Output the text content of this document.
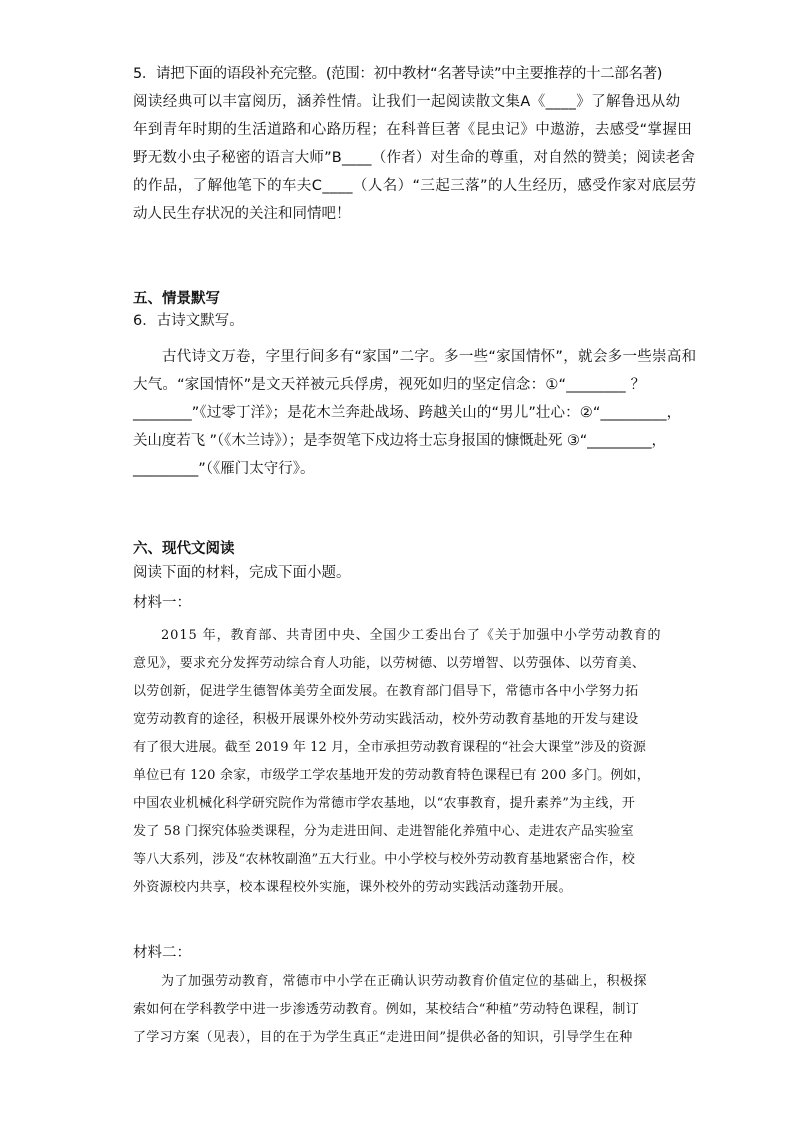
5．请把下面的语段补充完整。(范围：初中教材“名著导读”中主要推荐的十二部名著)
阅读经典可以丰富阅历，涵养性情。让我们一起阅读散文集A《____》了解鲁迅从幼
年到青年时期的生活道路和心路历程；在科普巨著《昆虫记》中遨游，去感受“掌握田
野无数小虫子秘密的语言大师”B____（作者）对生命的尊重，对自然的赞美；阅读老舍
的作品，了解他笔下的车夫C____（人名）“三起三落”的人生经历，感受作家对底层劳
动人民生存状况的关注和同情吧！
五、情景默写
6．古诗文默写。
古代诗文万卷，字里行间多有“家国”二字。多一些“家国情怀”，就会多一些崇高和
大气。“家国情怀”是文天祥被元兵俘虏，视死如归的坚定信念：①“________ ？
________”《过零丁洋》；是花木兰奔赴战场、跨越关山的“男儿”壮心：②“_________，
关山度若飞 ”（《木兰诗》）；是李贺笔下戍边将士忘身报国的慷慨赴死 ③“_________，
_________”（《雁门太守行》。
六、现代文阅读
阅读下面的材料，完成下面小题。
材料一：
2015 年，教育部、共青团中央、全国少工委出台了《关于加强中小学劳动教育的
意见》，要求充分发挥劳动综合育人功能，以劳树德、以劳增智、以劳强体、以劳育美、
以劳创新，促进学生德智体美劳全面发展。在教育部门倡导下，常德市各中小学努力拓
宽劳动教育的途径，积极开展课外校外劳动实践活动，校外劳动教育基地的开发与建设
有了很大进展。截至 2019 年 12 月，全市承担劳动教育课程的“社会大课堂”涉及的资源
单位已有 120 余家，市级学工学农基地开发的劳动教育特色课程已有 200 多门。例如，
中国农业机械化科学研究院作为常德市学农基地，以“农事教育，提升素养”为主线，开
发了 58 门探究体验类课程，分为走进田间、走进智能化养殖中心、走进农产品实验室
等八大系列，涉及“农林牧副渔”五大行业。中小学校与校外劳动教育基地紧密合作，校
外资源校内共享，校本课程校外实施，课外校外的劳动实践活动蓬勃开展。
材料二：
为了加强劳动教育，常德市中小学在正确认识劳动教育价值定位的基础上，积极探
索如何在学科教学中进一步渗透劳动教育。例如，某校结合“种植”劳动特色课程，制订
了学习方案（见表），目的在于为学生真正“走进田间”提供必备的知识，引导学生在种
